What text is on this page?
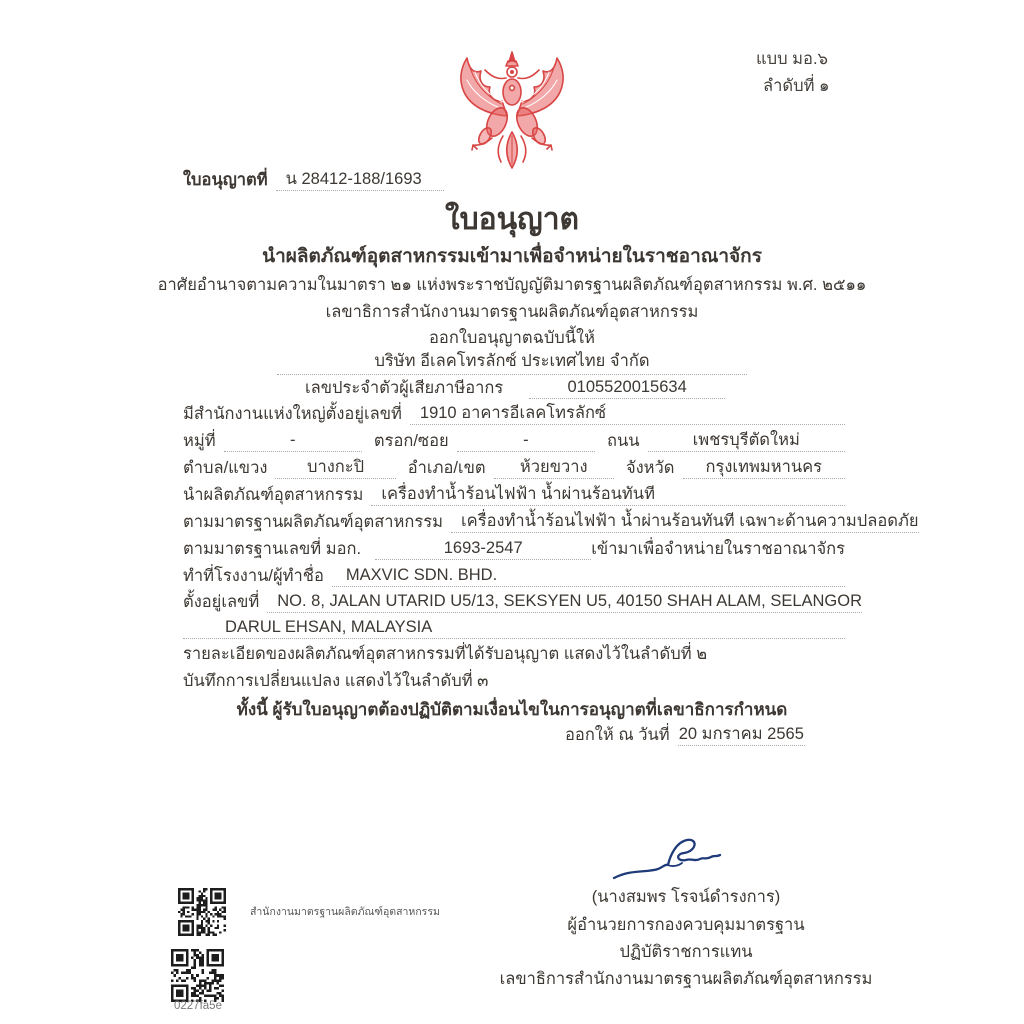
แบบ มอ.๖
ลำดับที่ ๑
ใบอนุญาตที่	น 28412-188/1693
ใบอนุญาต
นำผลิตภัณฑ์อุตสาหกรรมเข้ามาเพื่อจำหน่ายในราชอาณาจักร
อาศัยอำนาจตามความในมาตรา ๒๑ แห่งพระราชบัญญัติมาตรฐานผลิตภัณฑ์อุตสาหกรรม พ.ศ. ๒๕๑๑
เลขาธิการสำนักงานมาตรฐานผลิตภัณฑ์อุตสาหกรรม
ออกใบอนุญาตฉบับนี้ให้
บริษัท อีเลคโทรลักซ์ ประเทศไทย จำกัด
เลขประจำตัวผู้เสียภาษีอากร	0105520015634
มีสำนักงานแห่งใหญ่ตั้งอยู่เลขที่	1910 อาคารอีเลคโทรลักซ์
หมู่ที่	-	ตรอก/ซอย	-	ถนน	เพชรบุรีตัดใหม่
ตำบล/แขวง	บางกะปิ	อำเภอ/เขต	ห้วยขวาง	จังหวัด	กรุงเทพมหานคร
นำผลิตภัณฑ์อุตสาหกรรม	เครื่องทำน้ำร้อนไฟฟ้า น้ำผ่านร้อนทันที
ตามมาตรฐานผลิตภัณฑ์อุตสาหกรรม	เครื่องทำน้ำร้อนไฟฟ้า น้ำผ่านร้อนทันที เฉพาะด้านความปลอดภัย
ตามมาตรฐานเลขที่ มอก.	1693-2547	เข้ามาเพื่อจำหน่ายในราชอาณาจักร
ทำที่โรงงาน/ผู้ทำชื่อ	MAXVIC SDN. BHD.
ตั้งอยู่เลขที่	NO. 8, JALAN UTARID U5/13, SEKSYEN U5, 40150 SHAH ALAM, SELANGOR
DARUL EHSAN, MALAYSIA
รายละเอียดของผลิตภัณฑ์อุตสาหกรรมที่ได้รับอนุญาต แสดงไว้ในลำดับที่ ๒
บันทึกการเปลี่ยนแปลง แสดงไว้ในลำดับที่ ๓
ทั้งนี้ ผู้รับใบอนุญาตต้องปฏิบัติตามเงื่อนไขในการอนุญาตที่เลขาธิการกำหนด
ออกให้ ณ วันที่ 20 มกราคม 2565
(นางสมพร โรจน์ดำรงการ)
ผู้อำนวยการกองควบคุมมาตรฐาน
ปฏิบัติราชการแทน
เลขาธิการสำนักงานมาตรฐานผลิตภัณฑ์อุตสาหกรรม
สำนักงานมาตรฐานผลิตภัณฑ์อุตสาหกรรม
0227fa5e
